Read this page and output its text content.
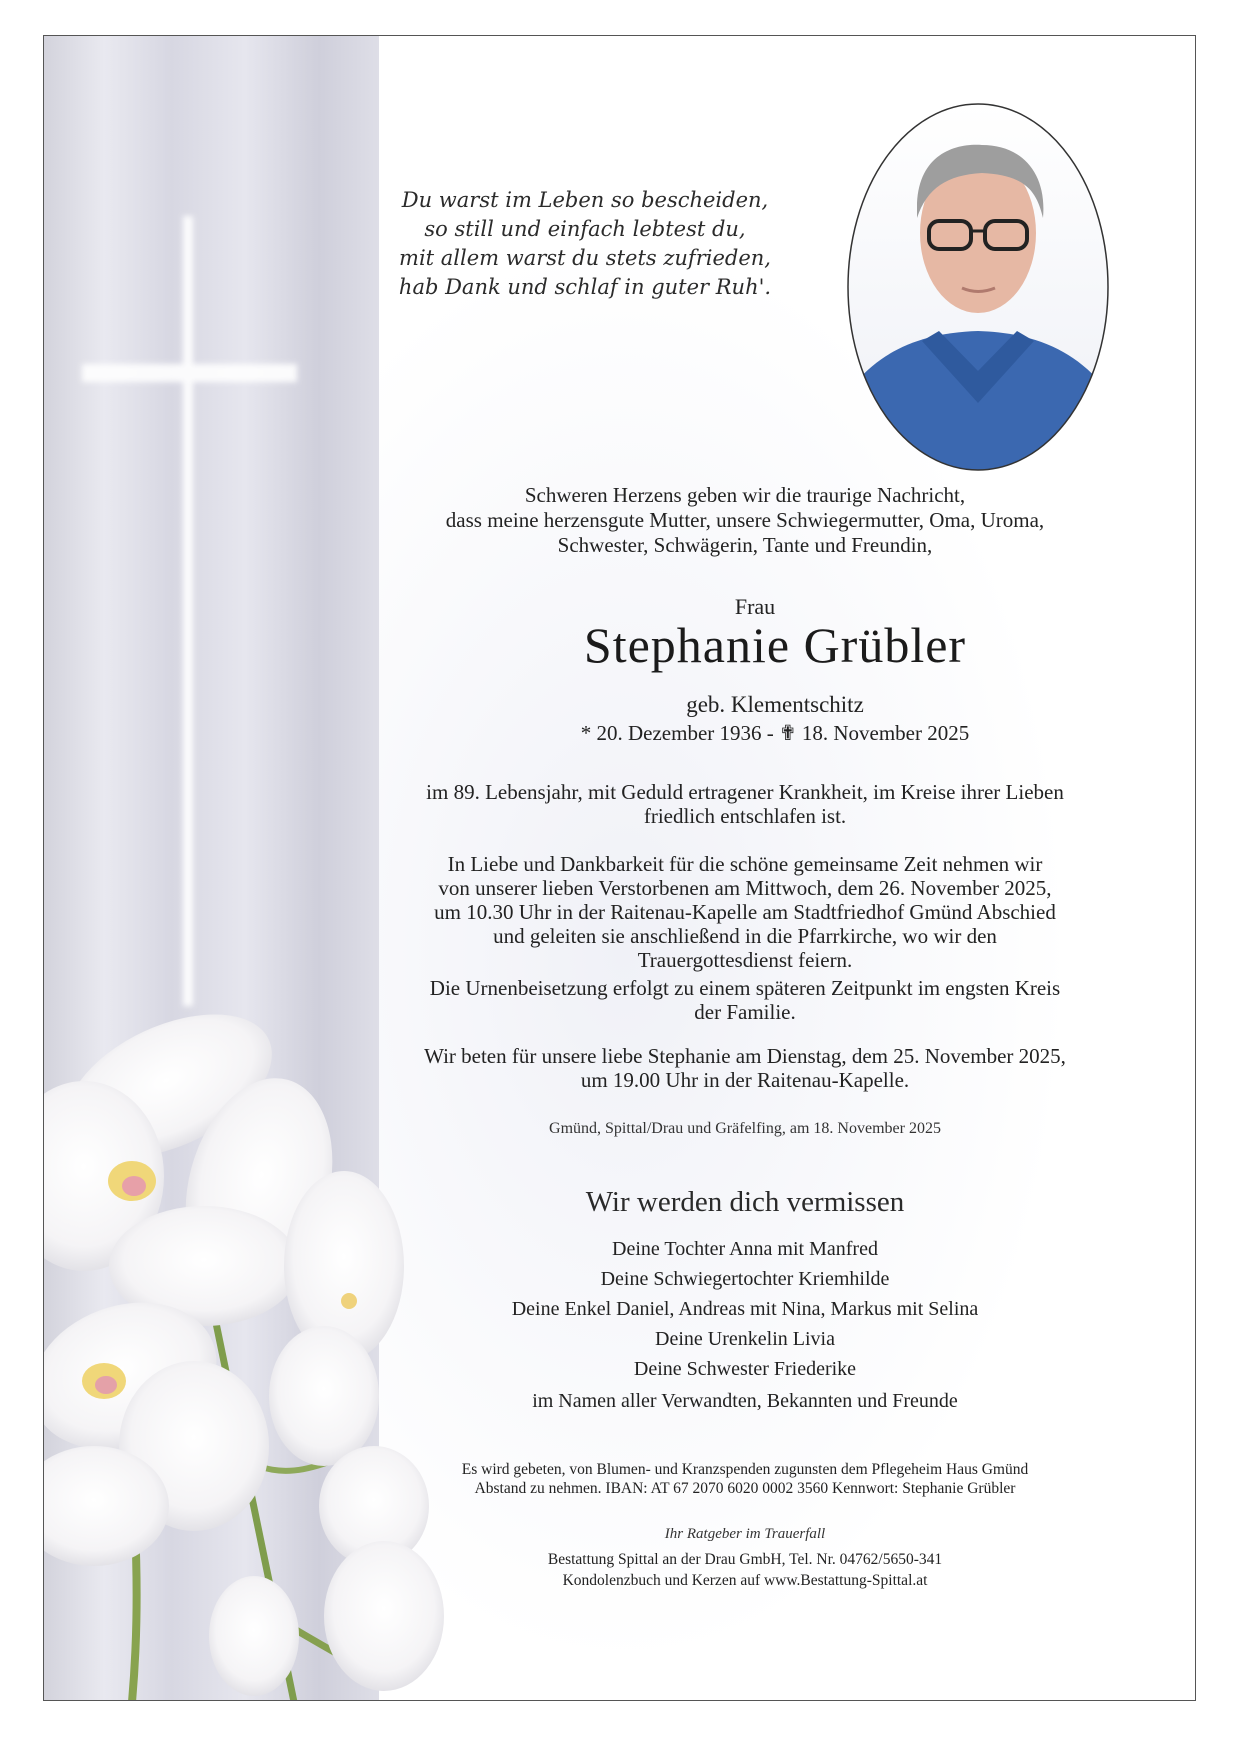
Du warst im Leben so bescheiden,
so still und einfach lebtest du,
mit allem warst du stets zufrieden,
hab Dank und schlaf in guter Ruh'.
Schweren Herzens geben wir die traurige Nachricht,
dass meine herzensgute Mutter, unsere Schwiegermutter, Oma, Uroma,
Schwester, Schwägerin, Tante und Freundin,
Frau
Stephanie Grübler
geb. Klementschitz
* 20. Dezember 1936 - ✟ 18. November 2025
im 89. Lebensjahr, mit Geduld ertragener Krankheit, im Kreise ihrer Lieben
friedlich entschlafen ist.
In Liebe und Dankbarkeit für die schöne gemeinsame Zeit nehmen wir
von unserer lieben Verstorbenen am Mittwoch, dem 26. November 2025,
um 10.30 Uhr in der Raitenau-Kapelle am Stadtfriedhof Gmünd Abschied
und geleiten sie anschließend in die Pfarrkirche, wo wir den
Trauergottesdienst feiern.
Die Urnenbeisetzung erfolgt zu einem späteren Zeitpunkt im engsten Kreis
der Familie.
Wir beten für unsere liebe Stephanie am Dienstag, dem 25. November 2025,
um 19.00 Uhr in der Raitenau-Kapelle.
Gmünd, Spittal/Drau und Gräfelfing, am 18. November 2025
Wir werden dich vermissen
Deine Tochter Anna mit Manfred
Deine Schwiegertochter Kriemhilde
Deine Enkel Daniel, Andreas mit Nina, Markus mit Selina
Deine Urenkelin Livia
Deine Schwester Friederike
im Namen aller Verwandten, Bekannten und Freunde
Es wird gebeten, von Blumen- und Kranzspenden zugunsten dem Pflegeheim Haus Gmünd
Abstand zu nehmen. IBAN: AT 67 2070 6020 0002 3560 Kennwort: Stephanie Grübler
Ihr Ratgeber im Trauerfall
Bestattung Spittal an der Drau GmbH, Tel. Nr. 04762/5650-341
Kondolenzbuch und Kerzen auf www.Bestattung-Spittal.at
